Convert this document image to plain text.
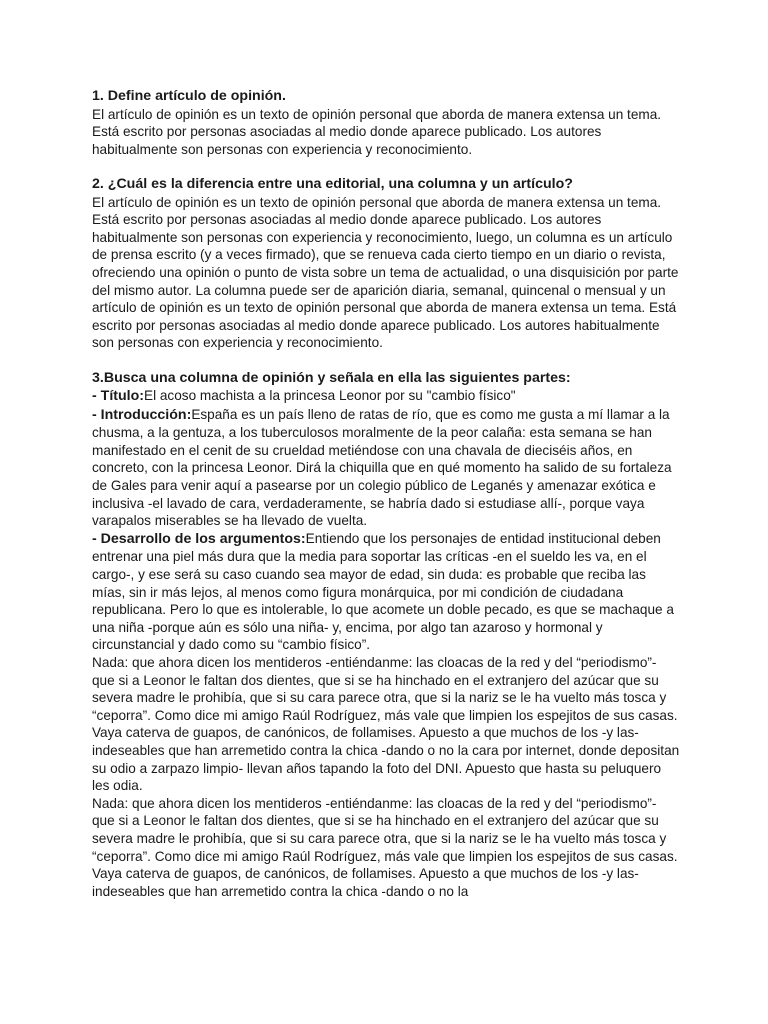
1. Define artículo de opinión.

El artículo de opinión es un texto de opinión personal que aborda de manera extensa un tema. Está escrito por personas asociadas al medio donde aparece publicado. Los autores habitualmente son personas con experiencia y reconocimiento.

2. ¿Cuál es la diferencia entre una editorial, una columna y un artículo?

El artículo de opinión es un texto de opinión personal que aborda de manera extensa un tema. Está escrito por personas asociadas al medio donde aparece publicado. Los autores habitualmente son personas con experiencia y reconocimiento, luego, un columna es un artículo de prensa escrito (y a veces firmado), que se renueva cada cierto tiempo en un diario o revista, ofreciendo una opinión o punto de vista sobre un tema de actualidad, o una disquisición por parte del mismo autor. La columna puede ser de aparición diaria, semanal, quincenal o mensual y un artículo de opinión es un texto de opinión personal que aborda de manera extensa un tema. Está escrito por personas asociadas al medio donde aparece publicado. Los autores habitualmente son personas con experiencia y reconocimiento.

3.Busca una columna de opinión y señala en ella las siguientes partes:

- Título:El acoso machista a la princesa Leonor por su "cambio físico"

- Introducción:España es un país lleno de ratas de río, que es como me gusta a mí llamar a la chusma, a la gentuza, a los tuberculosos moralmente de la peor calaña: esta semana se han manifestado en el cenit de su crueldad metiéndose con una chavala de dieciséis años, en concreto, con la princesa Leonor. Dirá la chiquilla que en qué momento ha salido de su fortaleza de Gales para venir aquí a pasearse por un colegio público de Leganés y amenazar exótica e inclusiva -el lavado de cara, verdaderamente, se habría dado si estudiase allí-, porque vaya varapalos miserables se ha llevado de vuelta.

- Desarrollo de los argumentos:Entiendo que los personajes de entidad institucional deben entrenar una piel más dura que la media para soportar las críticas -en el sueldo les va, en el cargo-, y ese será su caso cuando sea mayor de edad, sin duda: es probable que reciba las mías, sin ir más lejos, al menos como figura monárquica, por mi condición de ciudadana republicana. Pero lo que es intolerable, lo que acomete un doble pecado, es que se machaque a una niña -porque aún es sólo una niña- y, encima, por algo tan azaroso y hormonal y circunstancial y dado como su “cambio físico”.

Nada: que ahora dicen los mentideros -entiéndanme: las cloacas de la red y del “periodismo”- que si a Leonor le faltan dos dientes, que si se ha hinchado en el extranjero del azúcar que su severa madre le prohibía, que si su cara parece otra, que si la nariz se le ha vuelto más tosca y “ceporra”. Como dice mi amigo Raúl Rodríguez, más vale que limpien los espejitos de sus casas. Vaya caterva de guapos, de canónicos, de follamises. Apuesto a que muchos de los -y las- indeseables que han arremetido contra la chica -dando o no la cara por internet, donde depositan su odio a zarpazo limpio- llevan años tapando la foto del DNI. Apuesto que hasta su peluquero les odia.

Nada: que ahora dicen los mentideros -entiéndanme: las cloacas de la red y del “periodismo”- que si a Leonor le faltan dos dientes, que si se ha hinchado en el extranjero del azúcar que su severa madre le prohibía, que si su cara parece otra, que si la nariz se le ha vuelto más tosca y “ceporra”. Como dice mi amigo Raúl Rodríguez, más vale que limpien los espejitos de sus casas. Vaya caterva de guapos, de canónicos, de follamises. Apuesto a que muchos de los -y las- indeseables que han arremetido contra la chica -dando o no la
